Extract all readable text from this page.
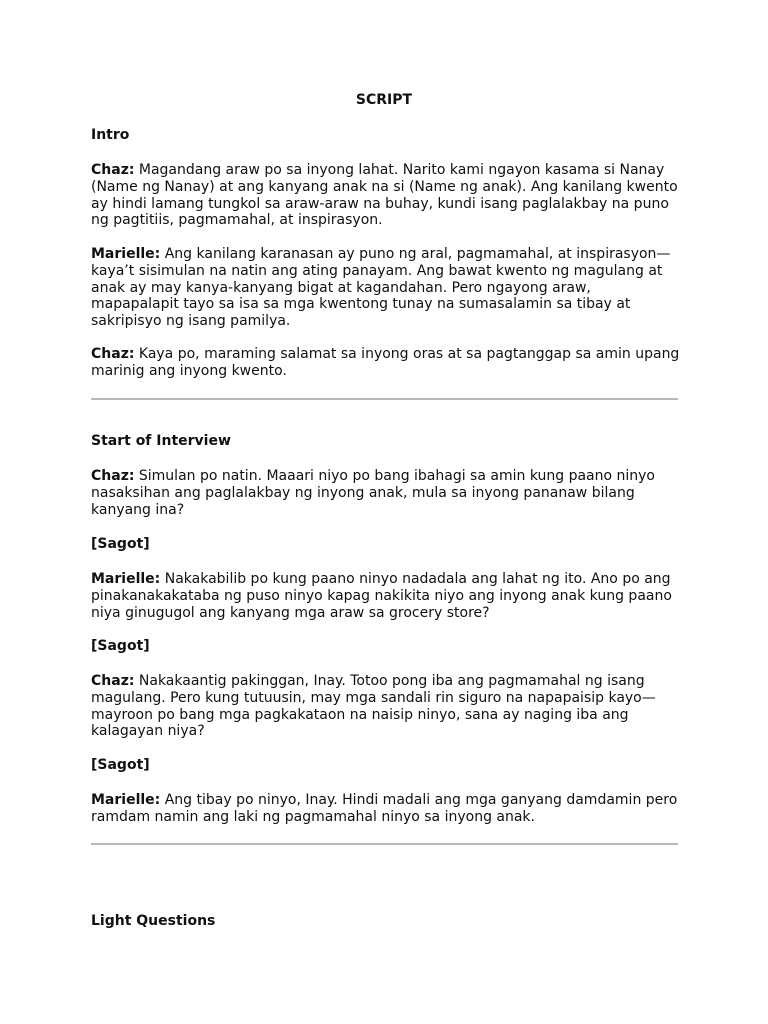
SCRIPT
Intro

Chaz: Magandang araw po sa inyong lahat. Narito kami ngayon kasama si Nanay (Name ng Nanay) at ang kanyang anak na si (Name ng anak). Ang kanilang kwento ay hindi lamang tungkol sa araw-araw na buhay, kundi isang paglalakbay na puno ng pagtitiis, pagmamahal, at inspirasyon.

Marielle: Ang kanilang karanasan ay puno ng aral, pagmamahal, at inspirasyon—kaya’t sisimulan na natin ang ating panayam. Ang bawat kwento ng magulang at anak ay may kanya-kanyang bigat at kagandahan. Pero ngayong araw, mapapalapit tayo sa isa sa mga kwentong tunay na sumasalamin sa tibay at sakripisyo ng isang pamilya.

Chaz: Kaya po, maraming salamat sa inyong oras at sa pagtanggap sa amin upang marinig ang inyong kwento.

Start of Interview

Chaz: Simulan po natin. Maaari niyo po bang ibahagi sa amin kung paano ninyo nasaksihan ang paglalakbay ng inyong anak, mula sa inyong pananaw bilang kanyang ina?

[Sagot]

Marielle: Nakakabilib po kung paano ninyo nadadala ang lahat ng ito. Ano po ang pinakanakakataba ng puso ninyo kapag nakikita niyo ang inyong anak kung paano niya ginugugol ang kanyang mga araw sa grocery store?

[Sagot]

Chaz: Nakakaantig pakinggan, Inay. Totoo pong iba ang pagmamahal ng isang magulang. Pero kung tutuusin, may mga sandali rin siguro na napapaisip kayo—mayroon po bang mga pagkakataon na naisip ninyo, sana ay naging iba ang kalagayan niya?

[Sagot]

Marielle: Ang tibay po ninyo, Inay. Hindi madali ang mga ganyang damdamin pero ramdam namin ang laki ng pagmamahal ninyo sa inyong anak.

Light Questions
